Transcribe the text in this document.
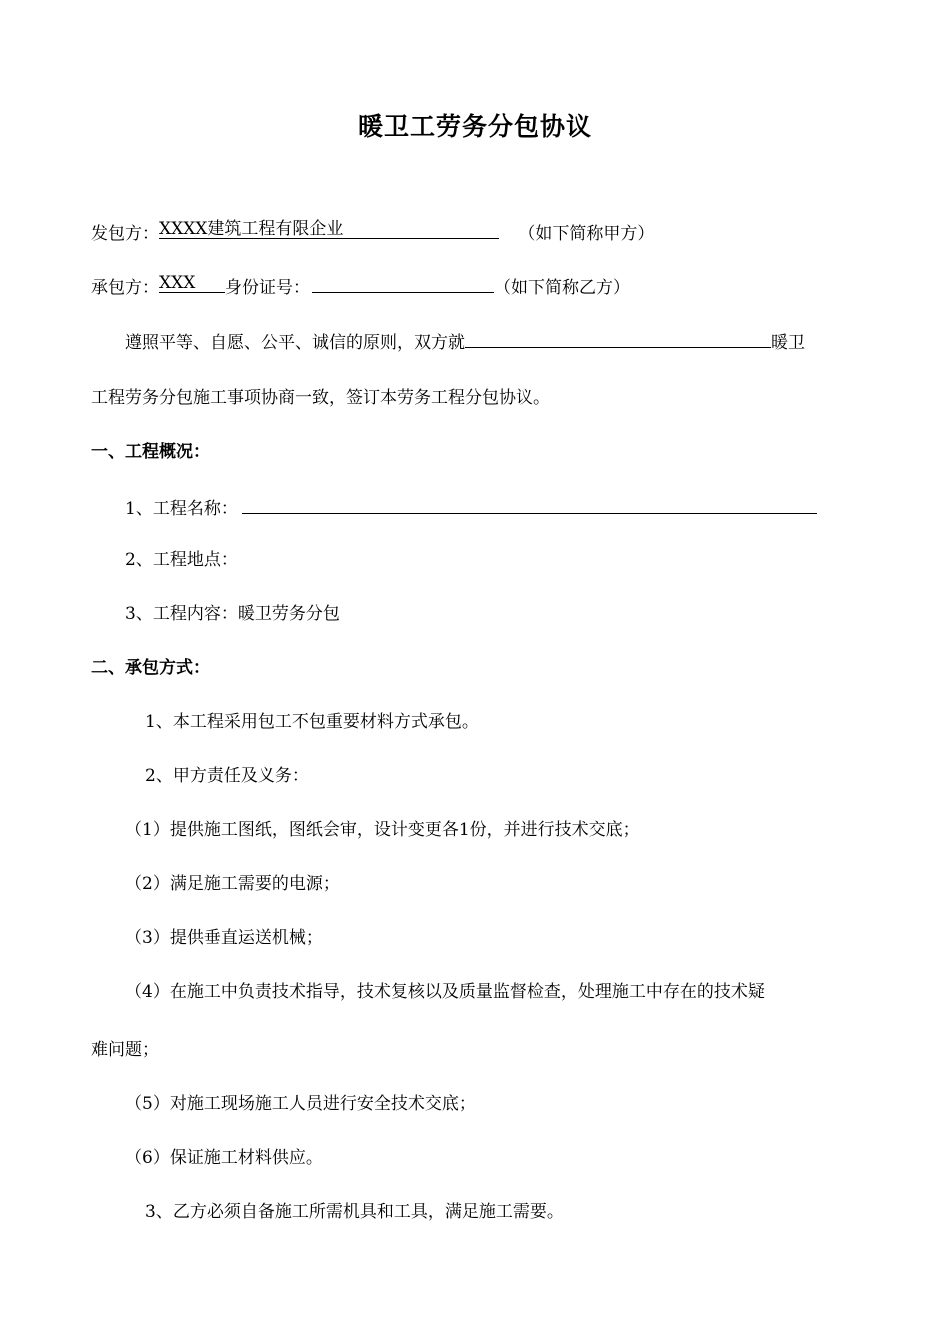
暖卫工劳务分包协议
发包方： XXXX建筑工程有限企业	（如下简称甲方）
承包方： XXX 身份证号：	（如下简称乙方）
遵照平等、自愿、公平、诚信的原则，双方就	暖卫
工程劳务分包施工事项协商一致，签订本劳务工程分包协议。
一、工程概况：
1、工程名称：
2、工程地点：
3、工程内容：暖卫劳务分包
二、承包方式：
1、本工程采用包工不包重要材料方式承包。
2、甲方责任及义务：
（1）提供施工图纸，图纸会审，设计变更各1份，并进行技术交底；
（2）满足施工需要的电源；
（3）提供垂直运送机械；
（4）在施工中负责技术指导，技术复核以及质量监督检查，处理施工中存在的技术疑
难问题；
（5）对施工现场施工人员进行安全技术交底；
（6）保证施工材料供应。
3、乙方必须自备施工所需机具和工具，满足施工需要。
